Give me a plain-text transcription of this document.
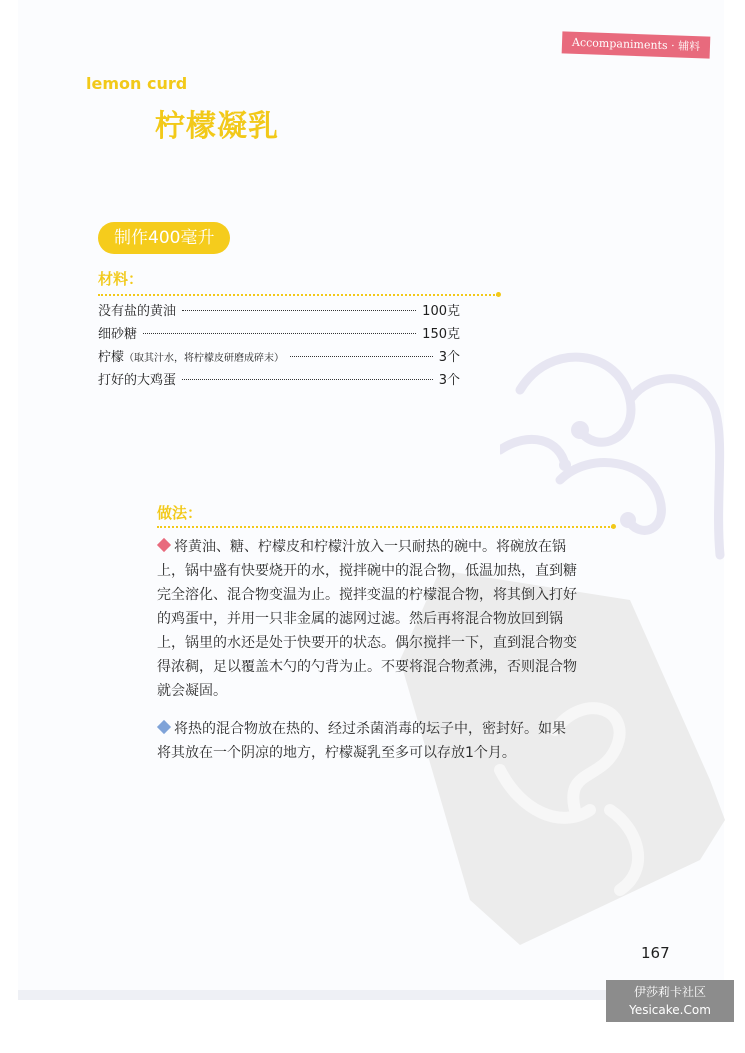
Accompaniments · 辅料
lemon curd
柠檬凝乳
制作400毫升
材料：
没有盐的黄油	100克
细砂糖	150克
柠檬 （取其汁水，将柠檬皮研磨成碎末）	3个
打好的大鸡蛋	3个
做法：

将黄油、糖、柠檬皮和柠檬汁放入一只耐热的碗中。将碗放在锅上，锅中盛有快要烧开的水，搅拌碗中的混合物，低温加热，直到糖完全溶化、混合物变温为止。搅拌变温的柠檬混合物，将其倒入打好的鸡蛋中，并用一只非金属的滤网过滤。然后再将混合物放回到锅上，锅里的水还是处于快要开的状态。偶尔搅拌一下，直到混合物变得浓稠，足以覆盖木勺的勺背为止。不要将混合物煮沸，否则混合物就会凝固。

将热的混合物放在热的、经过杀菌消毒的坛子中，密封好。如果将其放在一个阴凉的地方，柠檬凝乳至多可以存放1个月。

167
伊莎莉卡社区
Yesicake.Com
